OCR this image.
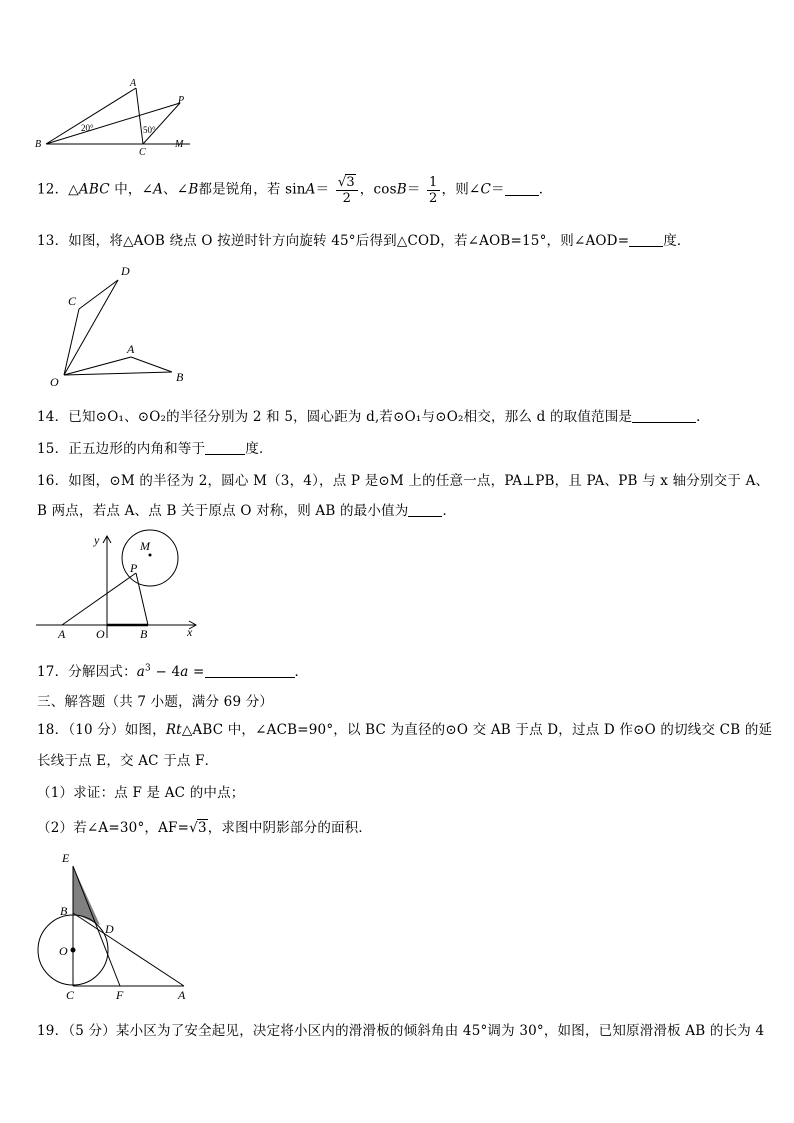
A
B
C
M
P
20°	50°
12．△ABC 中，∠A、∠B都是锐角，若 $\sin A= \frac{√3}{2}$ ，$\cos B= \frac{1}{2}$ ，则∠C＝	．
13．如图，将△AOB 绕点 O 按逆时针方向旋转 45°后得到△COD，若∠AOB=15°，则∠AOD=	度．
D
C
A
B
O
14．已知⊙O₁、⊙O₂的半径分别为 2 和 5，圆心距为 d,若⊙O₁与⊙O₂相交，那么 d 的取值范围是	．
15．正五边形的内角和等于	度．
16．如图，⊙M 的半径为 2，圆心 M（3，4），点 P 是⊙M 上的任意一点，PA⊥PB，且 PA、PB 与 x 轴分别交于 A、
B 两点，若点 A、点 B 关于原点 O 对称，则 AB 的最小值为	．
y
x
M
P
A	O	B
17．分解因式：$a^3 - 4a$ =	．
三、解答题（共 7 小题，满分 69 分）
18．（10 分）如图，Rt△ABC 中，∠ACB=90°，以 BC 为直径的⊙O 交 AB 于点 D，过点 D 作⊙O 的切线交 CB 的延
长线于点 E，交 AC 于点 F．
（1）求证：点 F 是 AC 的中点；
（2）若∠A=30°，AF=√3，求图中阴影部分的面积．
E
B
D
O
C	F	A
19．（5 分）某小区为了安全起见，决定将小区内的滑滑板的倾斜角由 45°调为 30°，如图，已知原滑滑板 AB 的长为 4
